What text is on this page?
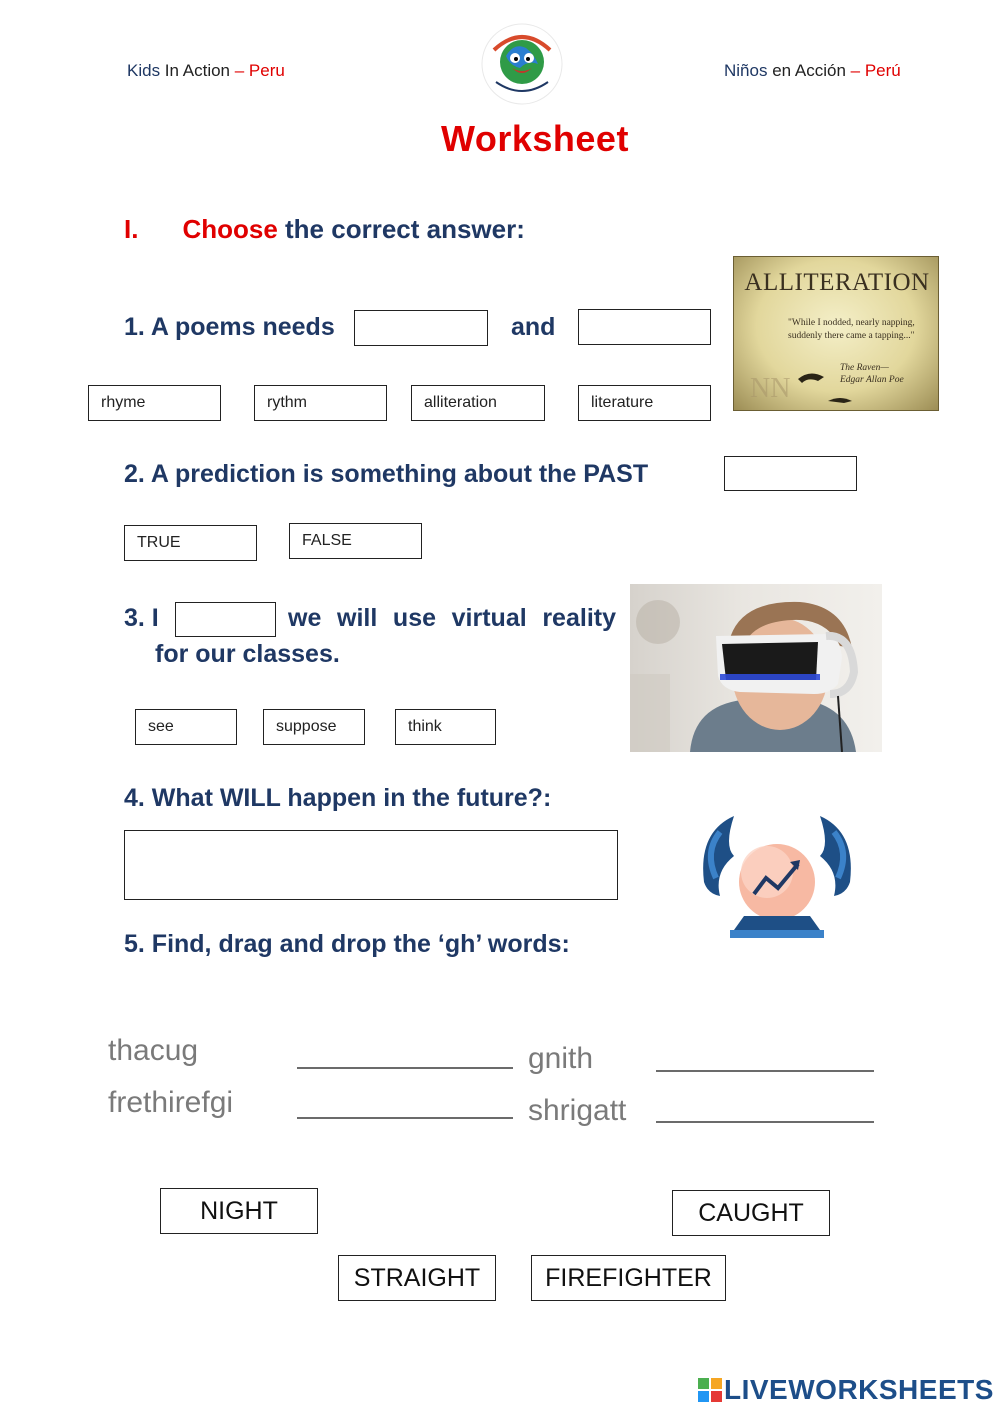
Kids In Action – Peru	Niños en Acción – Perú
Worksheet
I. Choose the correct answer:
1. A poems needs	and
rhyme	rythm	alliteration	literature
ALLITERATION
"While I nodded, nearly napping, suddenly there came a tapping..."
The Raven—
Edgar Allan Poe
NN
2. A prediction is something about the PAST
TRUE	FALSE
3. I	we will use virtual reality
for our classes.
see	suppose	think
4. What WILL happen in the future?:
5. Find, drag and drop the ‘gh’ words:
thacug
frethirefgi
gnith
shrigatt
NIGHT	CAUGHT
STRAIGHT	FIREFIGHTER
LIVEWORKSHEETS
